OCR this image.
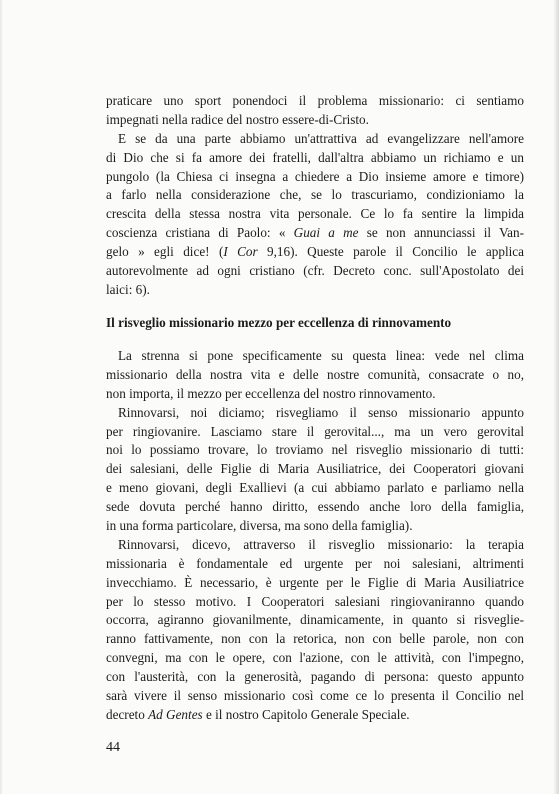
praticare uno sport ponendoci il problema missionario: ci sentiamo
impegnati nella radice del nostro essere-di-Cristo.
E se da una parte abbiamo un'attrattiva ad evangelizzare nell'amore
di Dio che si fa amore dei fratelli, dall'altra abbiamo un richiamo e un
pungolo (la Chiesa ci insegna a chiedere a Dio insieme amore e timore)
a farlo nella considerazione che, se lo trascuriamo, condizioniamo la
crescita della stessa nostra vita personale. Ce lo fa sentire la limpida
coscienza cristiana di Paolo: « Guai a me se non annunciassi il Van-
gelo » egli dice! (I Cor 9,16). Queste parole il Concilio le applica
autorevolmente ad ogni cristiano (cfr. Decreto conc. sull'Apostolato dei
laici: 6).
Il risveglio missionario mezzo per eccellenza di rinnovamento
La strenna si pone specificamente su questa linea: vede nel clima
missionario della nostra vita e delle nostre comunità, consacrate o no,
non importa, il mezzo per eccellenza del nostro rinnovamento.
Rinnovarsi, noi diciamo; risvegliamo il senso missionario appunto
per ringiovanire. Lasciamo stare il gerovital..., ma un vero gerovital
noi lo possiamo trovare, lo troviamo nel risveglio missionario di tutti:
dei salesiani, delle Figlie di Maria Ausiliatrice, dei Cooperatori giovani
e meno giovani, degli Exallievi (a cui abbiamo parlato e parliamo nella
sede dovuta perché hanno diritto, essendo anche loro della famiglia,
in una forma particolare, diversa, ma sono della famiglia).
Rinnovarsi, dicevo, attraverso il risveglio missionario: la terapia
missionaria è fondamentale ed urgente per noi salesiani, altrimenti
invecchiamo. È necessario, è urgente per le Figlie di Maria Ausiliatrice
per lo stesso motivo. I Cooperatori salesiani ringiovaniranno quando
occorra, agiranno giovanilmente, dinamicamente, in quanto si risveglie-
ranno fattivamente, non con la retorica, non con belle parole, non con
convegni, ma con le opere, con l'azione, con le attività, con l'impegno,
con l'austerità, con la generosità, pagando di persona: questo appunto
sarà vivere il senso missionario così come ce lo presenta il Concilio nel
decreto Ad Gentes e il nostro Capitolo Generale Speciale.
44
